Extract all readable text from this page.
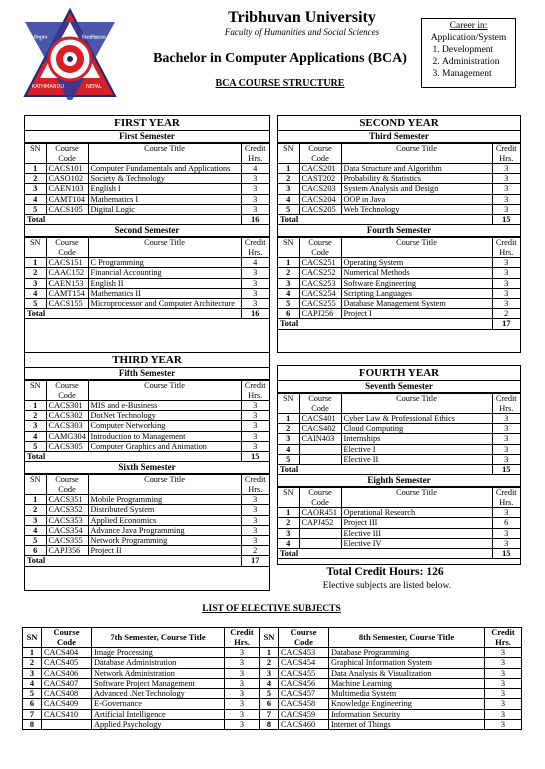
त्रिभुवन	विश्वविद्यालय
KATHMANDU	NEPAL
Tribhuvan University
Faculty of Humanities and Social Sciences
Bachelor in Computer Applications (BCA)
BCA COURSE STRUCTURE
Career in:
Application/System
1. Development
2. Administration
3. Management
FIRST YEAR
First Semester
SN	Course
Code	Course Title	Credit
Hrs.
1	CACS101	Computer Fundamentals and Applications	4
2	CASO102	Society & Technology	3
3	CAEN103	English I	3
4	CAMT104	Mathematics I	3
5	CACS105	Digital Logic	3
Total			16
Second Semester
SN	Course
Code	Course Title	Credit
Hrs.
1	CACS151	C Programming	4
2	CAAC152	Financial Accounting	3
3	CAEN153	English II	3
4	CAMT154	Mathematics II	3
5	CACS155	Microprocessor and Computer Architecture	3
Total			16
SECOND YEAR
Third Semester
SN	Course
Code	Course Title	Credit
Hrs.
1	CACS201	Data Structure and Algorithm	3
2	CAST202	Probability & Statistics	3
3	CACS203	System Analysis and Design	3
4	CACS204	OOP in Java	3
5	CACS205	Web Technology	3
Total			15
Fourth Semester
SN	Course
Code	Course Title	Credit
Hrs.
1	CACS251	Operating System	3
2	CACS252	Numerical Methods	3
3	CACS253	Software Engineering	3
4	CACS254	Scripting Languages	3
5	CACS255	Database Management System	3
6	CAPJ256	Project I	2
Total			17
THIRD YEAR
Fifth Semester
SN	Course
Code	Course Title	Credit
Hrs.
1	CACS301	MIS and e-Business	3
2	CACS302	DotNet Technology	3
3	CACS303	Computer Networking	3
4	CAMG304	Introduction to Management	3
5	CACS305	Computer Graphics and Animation	3
Total			15
Sixth Semester
SN	Course
Code	Course Title	Credit
Hrs.
1	CACS351	Mobile Programming	3
2	CACS352	Distributed System	3
3	CACS353	Applied Economics	3
4	CACS354	Advance Java Programming	3
5	CACS355	Network Programming	3
6	CAPJ356	Project II	2
Total			17
FOURTH YEAR
Seventh Semester
SN	Course
Code	Course Title	Credit
Hrs.
1	CACS401	Cyber Law & Professional Ethics	3
2	CACS402	Cloud Computing	3
3	CAIN403	Internships	3
4		Elective I	3
5		Elective II	3
Total			15
Eighth Semester
SN	Course
Code	Course Title	Credit
Hrs.
1	CAOR451	Operational Research	3
2	CAPJ452	Project III	6
3		Elective III	3
4		Elective IV	3
Total			15
Total Credit Hours: 126
Elective subjects are listed below.
LIST OF ELECTIVE SUBJECTS
SN	Course
Code	7th Semester, Course Title	Credit
Hrs.	SN	Course
Code	8th Semester, Course Title	Credit
Hrs.
1	CACS404	Image Processing	3	1	CACS453	Database Programming	3
2	CACS405	Database Administration	3	2	CACS454	Graphical Information System	3
3	CACS406	Network Administration	3	3	CACS455	Data Analysis & Visualization	3
4	CACS407	Software Project Management	3	4	CACS456	Machine Learning	3
5	CACS408	Advanced .Net Technology	3	5	CACS457	Multimedia System	3
6	CACS409	E-Governance	3	6	CACS458	Knowledge Engineering	3
7	CACS410	Artificial Intelligence	3	7	CACS459	Information Security	3
8		Applied Psychology	3	8	CACS460	Internet of Things	3
